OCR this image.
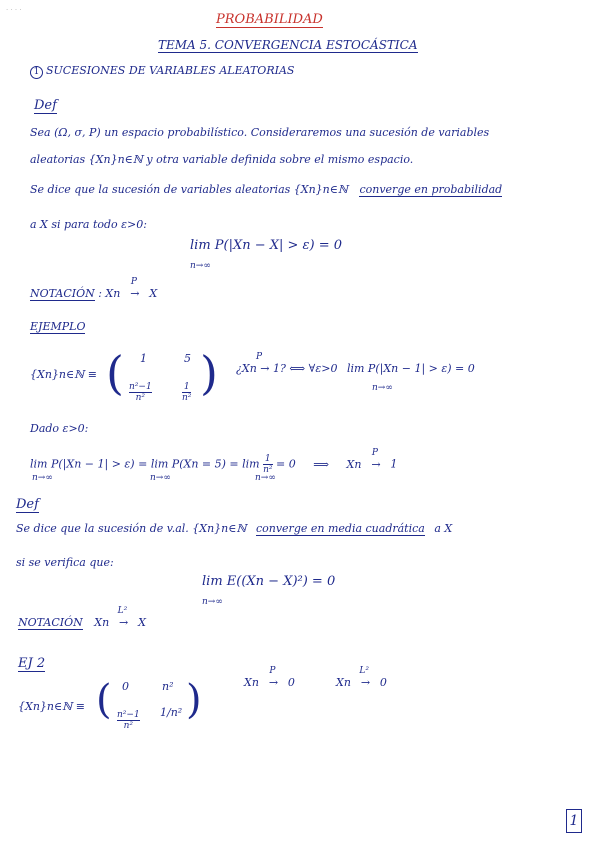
· · · ·
PROBABILIDAD
TEMA 5. CONVERGENCIA ESTOCÁSTICA
1 SUCESIONES DE VARIABLES ALEATORIAS
Def
Sea (Ω, σ, P) un espacio probabilístico. Consideraremos una sucesión de variables
aleatorias {Xn}n∈ℕ y otra variable definida sobre el mismo espacio.
Se dice que la sucesión de variables aleatorias {Xn}n∈ℕ converge en probabilidad
a X si para todo ε>0:
lim P(|Xn − X| > ε) = 0
n→∞
NOTACIÓN : Xn
P
→ X
EJEMPLO
{Xn}n∈ℕ ≡ ( 1	5
$\frac{\text{n²−1}}{\text{n²}}$	$\frac{1}{\text{n²}}$ ) ¿Xn → 1? ⟺ ∀ε>0 lim P(|Xn − 1| > ε) = 0
P
n→∞
Dado ε>0:
$\lim P(|Xn - 1| > \varepsilon) = \lim P(Xn = 5) = \lim \frac{1}{\text{n²}} = 0$ ⟹ Xn
P
→ 1
n→∞	n→∞	n→∞
Def
Se dice que la sucesión de v.al. {Xn}n∈ℕ converge en media cuadrática a X
si se verifica que:
lim E((Xn − X)²) = 0
n→∞
NOTACIÓN Xn
L²
→ X
EJ 2
{Xn}n∈ℕ ≡ ( 0	n²
$\frac{\text{n²−1}}{\text{n²}} 1/n^2$ )	Xn
P
→ 0	Xn
L²
→ 0
1
